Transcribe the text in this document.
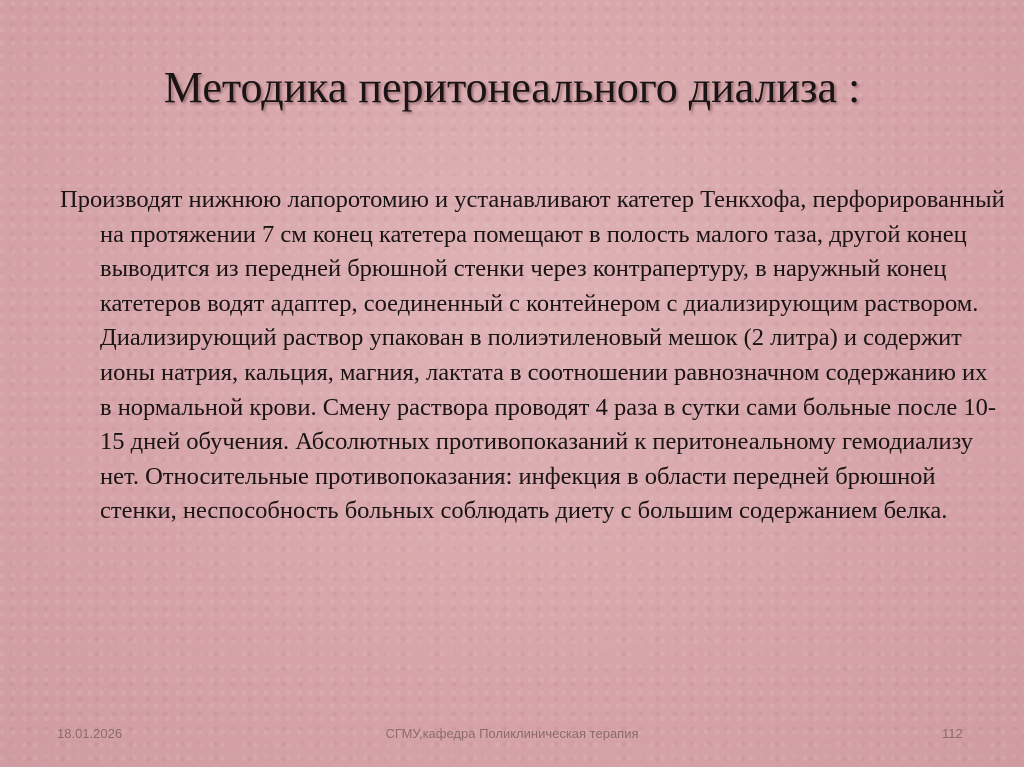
Методика перитонеального диализа :

Производят нижнюю лапоротомию и устанавливают катетер Тенкхофа, перфорированный на протяжении 7 см конец катетера помещают в полость малого таза, другой конец выводится из передней брюшной стенки через контрапертуру, в наружный конец катетеров водят адаптер, соединенный с контейнером с диализирующим раствором. Диализирующий раствор упакован в полиэтиленовый мешок (2 литра) и содержит ионы натрия, кальция, магния, лактата в соотношении равнозначном содержанию их в нормальной крови. Смену раствора проводят 4 раза в сутки сами больные после 10-15 дней обучения. Абсолютных противопоказаний к перитонеальному гемодиализу нет. Относительные противопоказания: инфекция в области передней брюшной стенки, неспособность больных соблюдать диету с большим содержанием белка.

18.01.2026	СГМУ,кафедра Поликлиническая терапия	112
